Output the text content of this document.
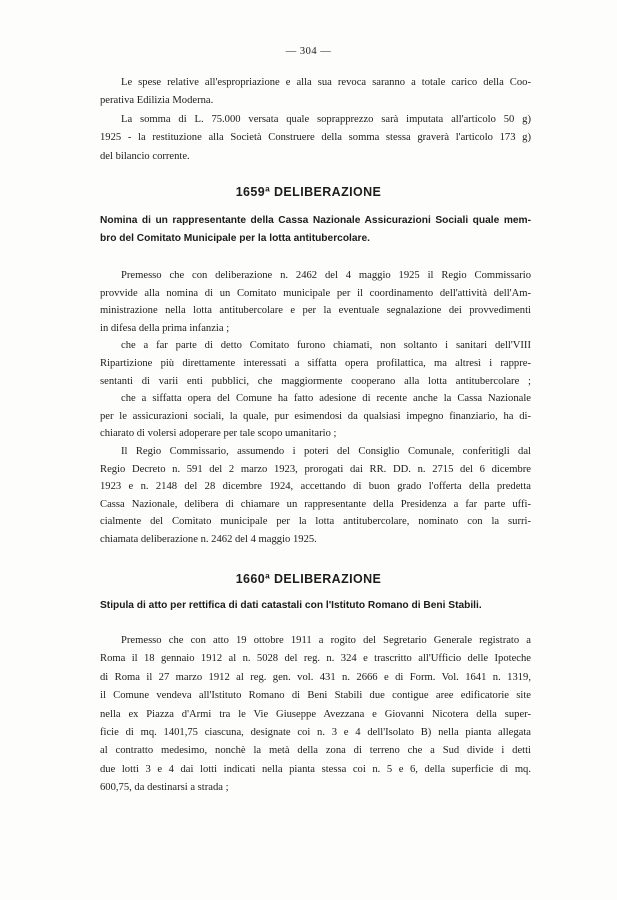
— 304 —
Le spese relative all'espropriazione e alla sua revoca saranno a totale carico della Coo-
perativa Edilizia Moderna.
La somma di L. 75.000 versata quale soprapprezzo sarà imputata all'articolo 50 g)
1925 - la restituzione alla Società Construere della somma stessa graverà l'articolo 173 g)
del bilancio corrente.
1659ª DELIBERAZIONE
Nomina di un rappresentante della Cassa Nazionale Assicurazioni Sociali quale mem-
bro del Comitato Municipale per la lotta antitubercolare.
Premesso che con deliberazione n. 2462 del 4 maggio 1925 il Regio Commissario
provvide alla nomina di un Comitato municipale per il coordinamento dell'attività dell'Am-
ministrazione nella lotta antitubercolare e per la eventuale segnalazione dei provvedimenti
in difesa della prima infanzia ;
che a far parte di detto Comitato furono chiamati, non soltanto i sanitari dell'VIII
Ripartizione più direttamente interessati a siffatta opera profilattica, ma altresì i rappre-
sentanti di varii enti pubblici, che maggiormente cooperano alla lotta antitubercolare ;
che a siffatta opera del Comune ha fatto adesione di recente anche la Cassa Nazionale
per le assicurazioni sociali, la quale, pur esimendosi da qualsiasi impegno finanziario, ha di-
chiarato di volersi adoperare per tale scopo umanitario ;
Il Regio Commissario, assumendo i poteri del Consiglio Comunale, conferitigli dal
Regio Decreto n. 591 del 2 marzo 1923, prorogati dai RR. DD. n. 2715 del 6 dicembre
1923 e n. 2148 del 28 dicembre 1924, accettando di buon grado l'offerta della predetta
Cassa Nazionale, delibera di chiamare un rappresentante della Presidenza a far parte uffi-
cialmente del Comitato municipale per la lotta antitubercolare, nominato con la surri-
chiamata deliberazione n. 2462 del 4 maggio 1925.
1660ª DELIBERAZIONE
Stipula di atto per rettifica di dati catastali con l'Istituto Romano di Beni Stabili.
Premesso che con atto 19 ottobre 1911 a rogito del Segretario Generale registrato a
Roma il 18 gennaio 1912 al n. 5028 del reg. n. 324 e trascritto all'Ufficio delle Ipoteche
di Roma il 27 marzo 1912 al reg. gen. vol. 431 n. 2666 e di Form. Vol. 1641 n. 1319,
il Comune vendeva all'Istituto Romano di Beni Stabili due contigue aree edificatorie site
nella ex Piazza d'Armi tra le Vie Giuseppe Avezzana e Giovanni Nicotera della super-
ficie di mq. 1401,75 ciascuna, designate coi n. 3 e 4 dell'Isolato B) nella pianta allegata
al contratto medesimo, nonchè la metà della zona di terreno che a Sud divide i detti
due lotti 3 e 4 dai lotti indicati nella pianta stessa coi n. 5 e 6, della superficie di mq.
600,75, da destinarsi a strada ;
